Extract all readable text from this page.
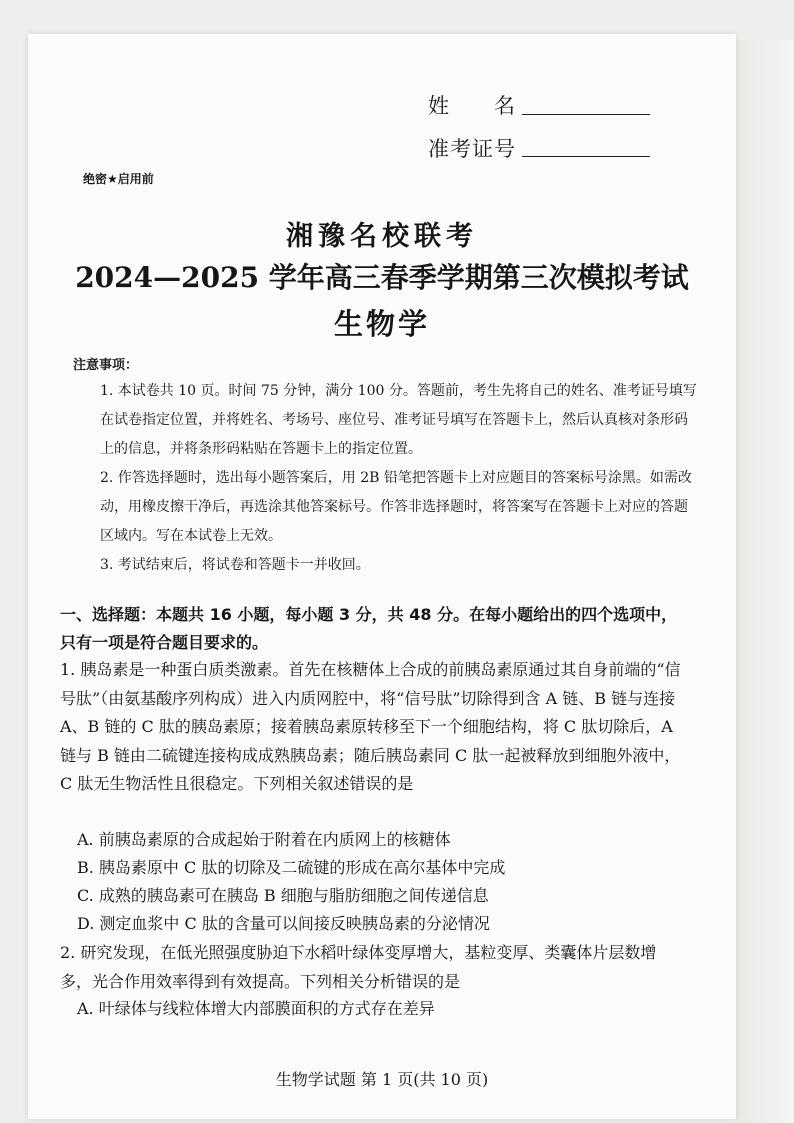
姓　　名
准考证号
绝密★启用前
湘豫名校联考
2024—2025 学年高三春季学期第三次模拟考试
生物学
注意事项：
1. 本试卷共 10 页。时间 75 分钟，满分 100 分。答题前，考生先将自己的姓名、准考证号填写在试卷指定位置，并将姓名、考场号、座位号、准考证号填写在答题卡上，然后认真核对条形码上的信息，并将条形码粘贴在答题卡上的指定位置。
2. 作答选择题时，选出每小题答案后，用 2B 铅笔把答题卡上对应题目的答案标号涂黑。如需改动，用橡皮擦干净后，再选涂其他答案标号。作答非选择题时，将答案写在答题卡上对应的答题区域内。写在本试卷上无效。
3. 考试结束后，将试卷和答题卡一并收回。
一、选择题：本题共 16 小题，每小题 3 分，共 48 分。在每小题给出的四个选项中，只有一项是符合题目要求的。
1. 胰岛素是一种蛋白质类激素。首先在核糖体上合成的前胰岛素原通过其自身前端的“信号肽”（由氨基酸序列构成）进入内质网腔中，将“信号肽”切除得到含 A 链、B 链与连接 A、B 链的 C 肽的胰岛素原；接着胰岛素原转移至下一个细胞结构，将 C 肽切除后，A 链与 B 链由二硫键连接构成成熟胰岛素；随后胰岛素同 C 肽一起被释放到细胞外液中，C 肽无生物活性且很稳定。下列相关叙述错误的是
A. 前胰岛素原的合成起始于附着在内质网上的核糖体
B. 胰岛素原中 C 肽的切除及二硫键的形成在高尔基体中完成
C. 成熟的胰岛素可在胰岛 B 细胞与脂肪细胞之间传递信息
D. 测定血浆中 C 肽的含量可以间接反映胰岛素的分泌情况
2. 研究发现，在低光照强度胁迫下水稻叶绿体变厚增大，基粒变厚、类囊体片层数增多，光合作用效率得到有效提高。下列相关分析错误的是
A. 叶绿体与线粒体增大内部膜面积的方式存在差异
生物学试题 第 1 页(共 10 页)
